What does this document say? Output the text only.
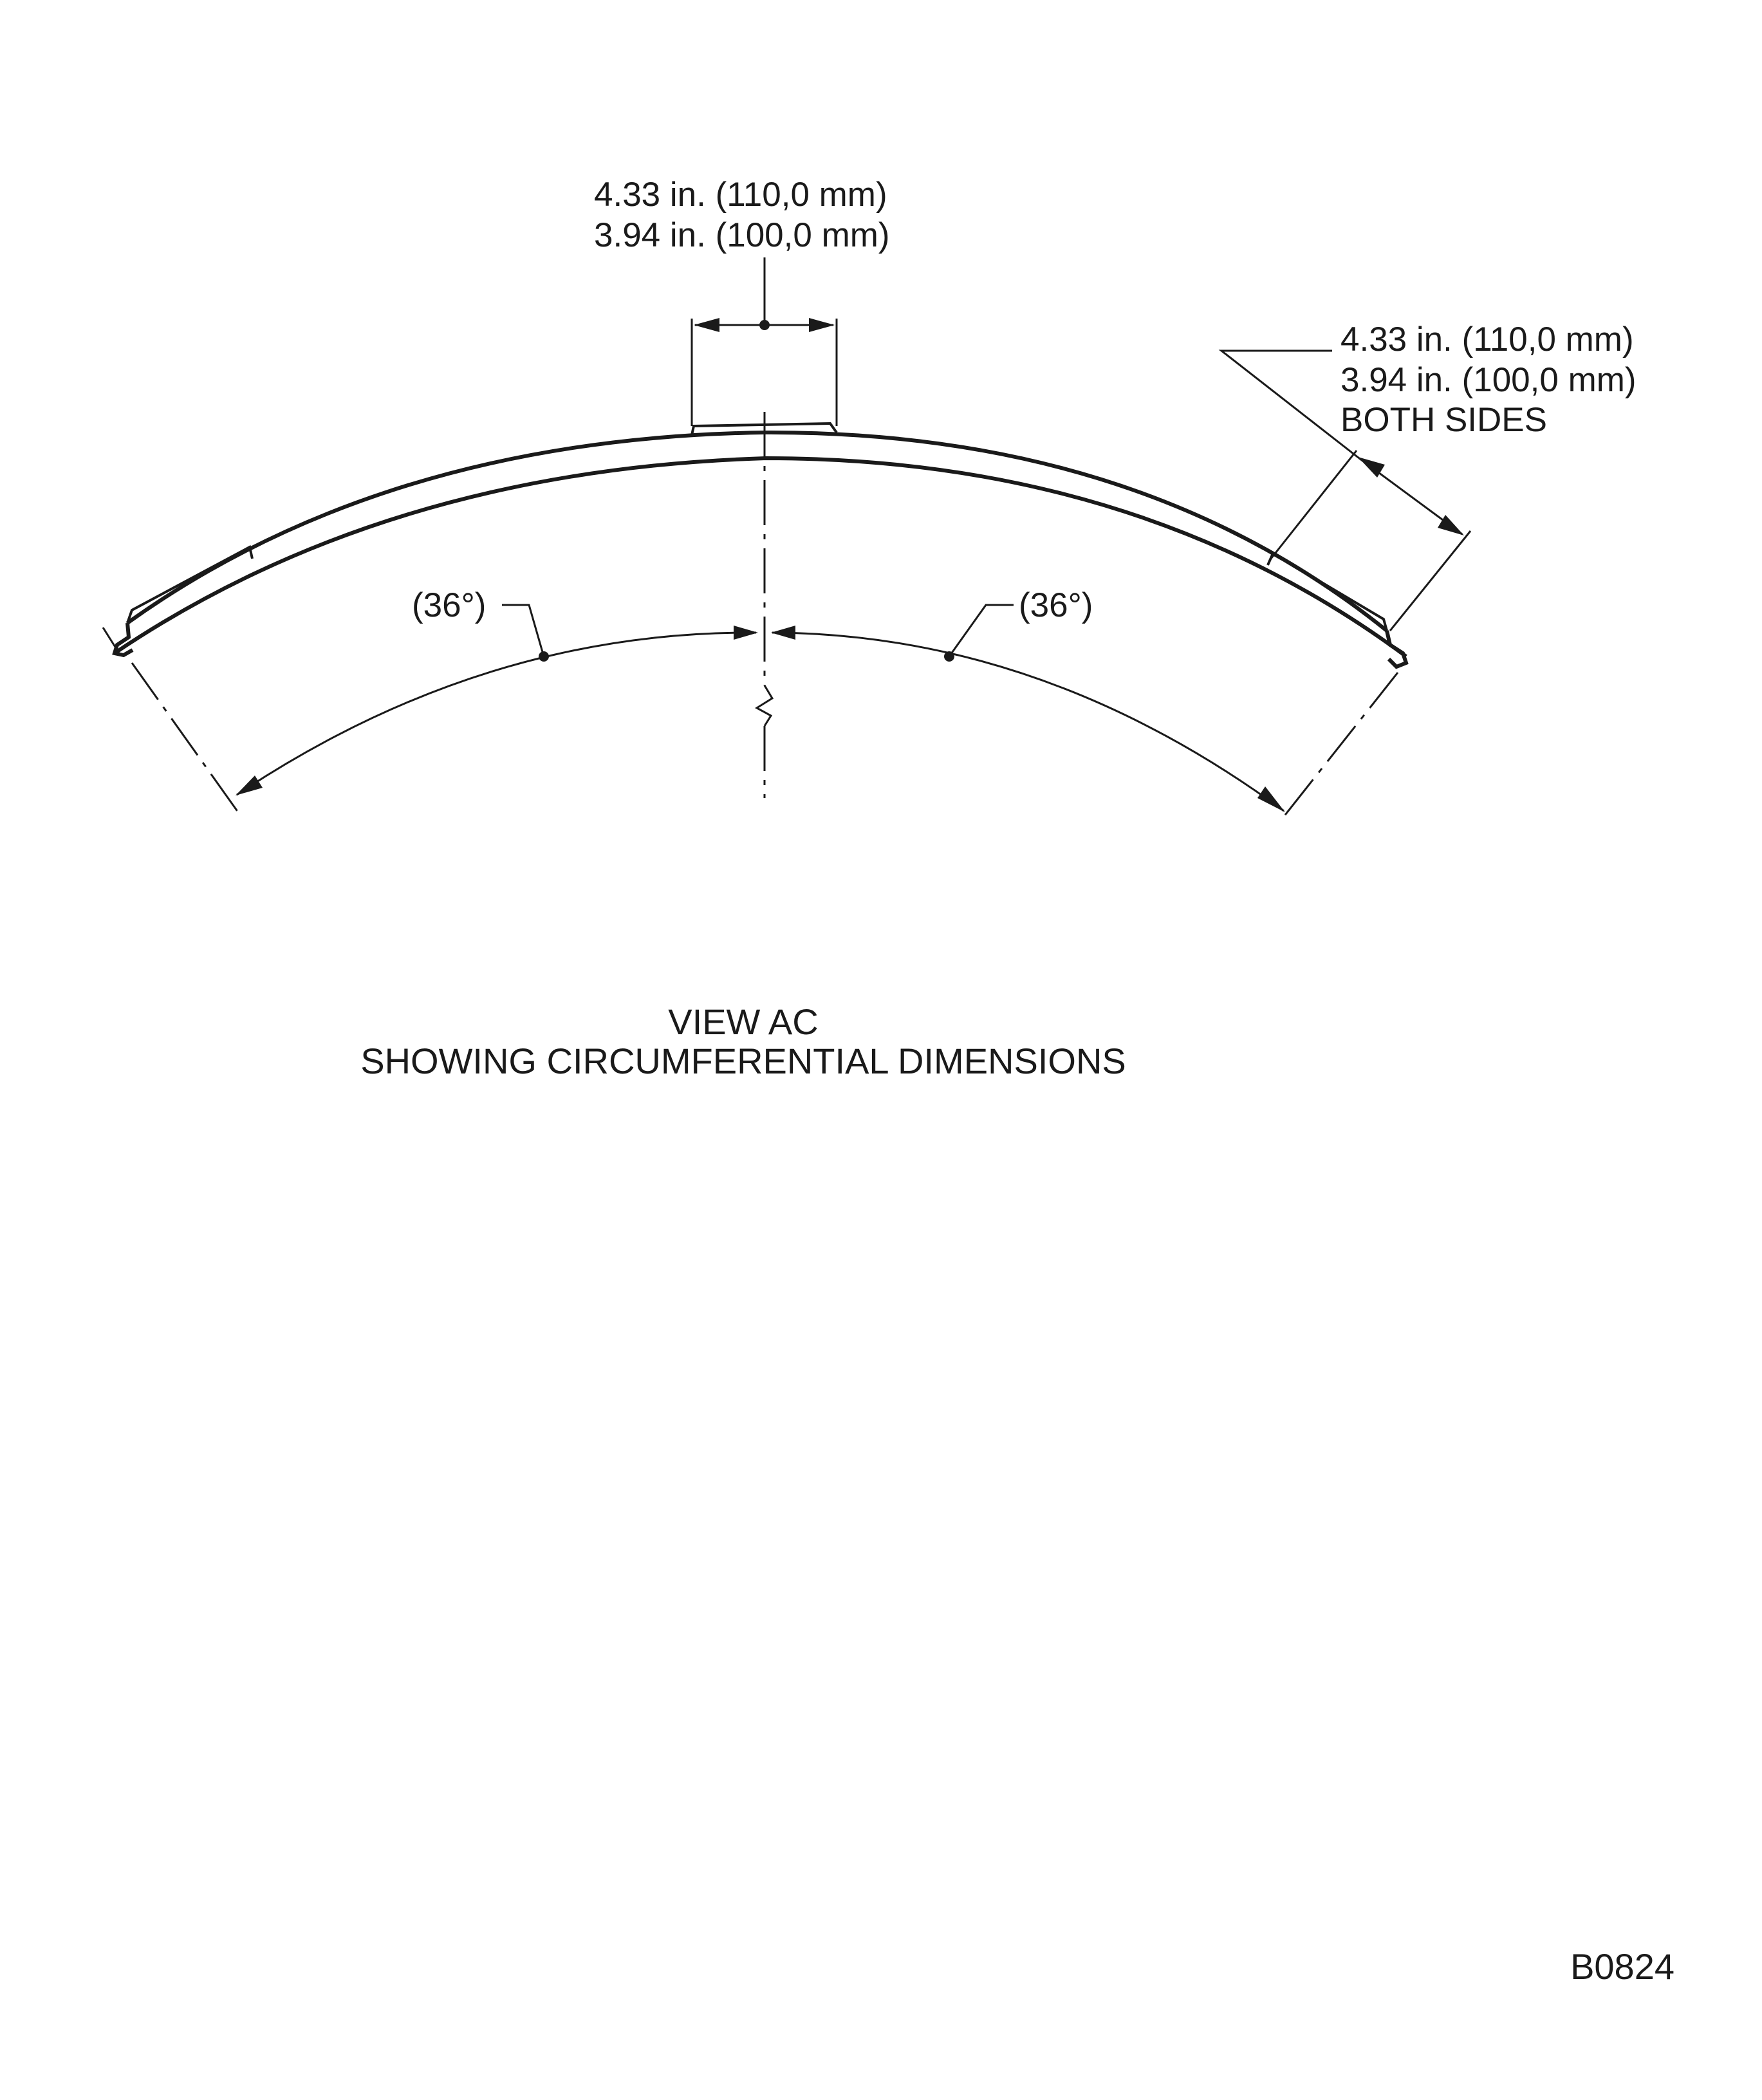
4.33 in. (110,0 mm)
3.94 in. (100,0 mm)
4.33 in. (110,0 mm)
3.94 in. (100,0 mm)
BOTH SIDES
(36°)	(36°)
VIEW AC
SHOWING CIRCUMFERENTIAL DIMENSIONS
B0824
